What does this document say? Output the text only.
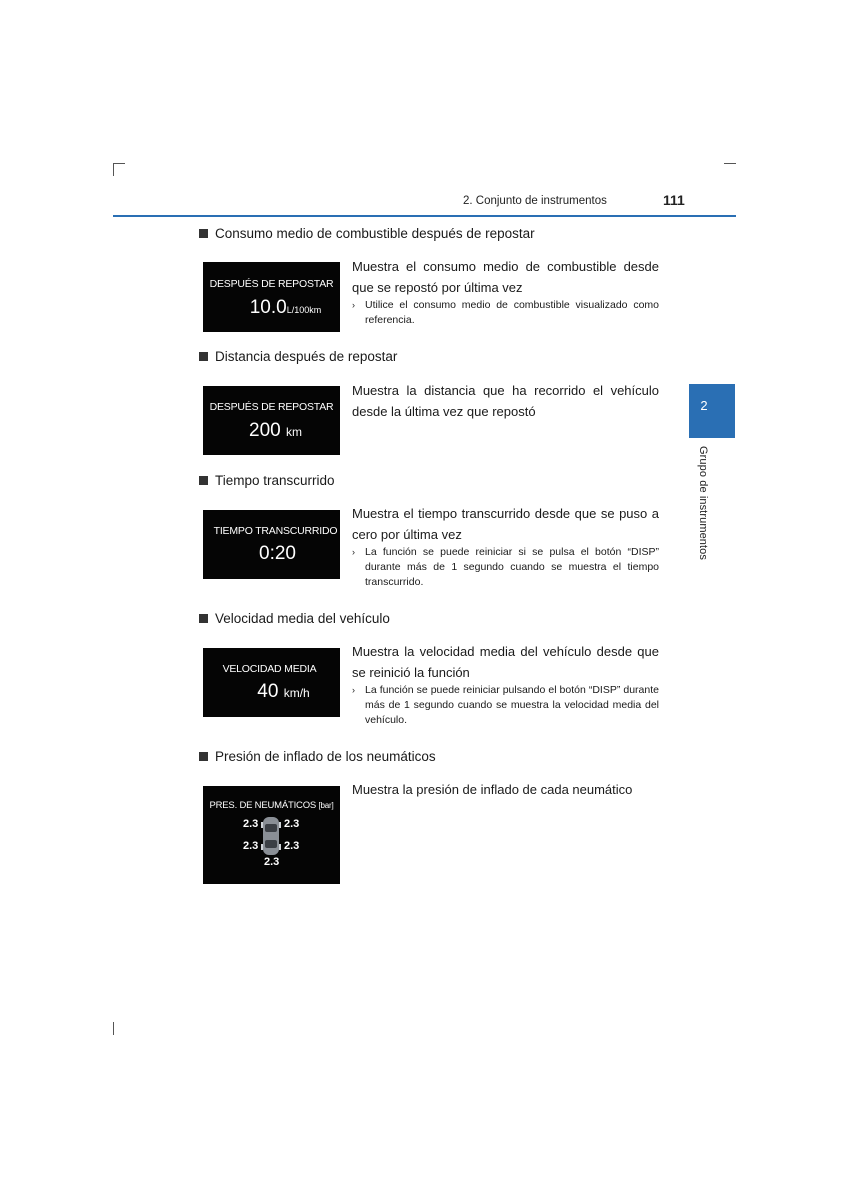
2. Conjunto de instrumentos	111
2
Grupo de instrumentos
Consumo medio de combustible después de repostar
DESPUÉS DE REPOSTAR
10.0L/100km
Muestra el consumo medio de combustible desde que se repostó por última vez
› Utilice el consumo medio de combustible visualizado como referencia.
Distancia después de repostar
DESPUÉS DE REPOSTAR
200 km
Muestra la distancia que ha recorrido el vehículo desde la última vez que repostó
Tiempo transcurrido
TIEMPO TRANSCURRIDO
0:20
Muestra el tiempo transcurrido desde que se puso a cero por última vez
› La función se puede reiniciar si se pulsa el botón “DISP” durante más de 1 segundo cuando se muestra el tiempo transcurrido.
Velocidad media del vehículo
VELOCIDAD MEDIA
40 km/h
Muestra la velocidad media del vehículo desde que se reinició la función
› La función se puede reiniciar pulsando el botón “DISP” durante más de 1 segundo cuando se muestra la velocidad media del vehículo.
Presión de inflado de los neumáticos
PRES. DE NEUMÁTICOS [bar]
2.3 2.3
2.3 2.3
2.3
Muestra la presión de inflado de cada neumático
